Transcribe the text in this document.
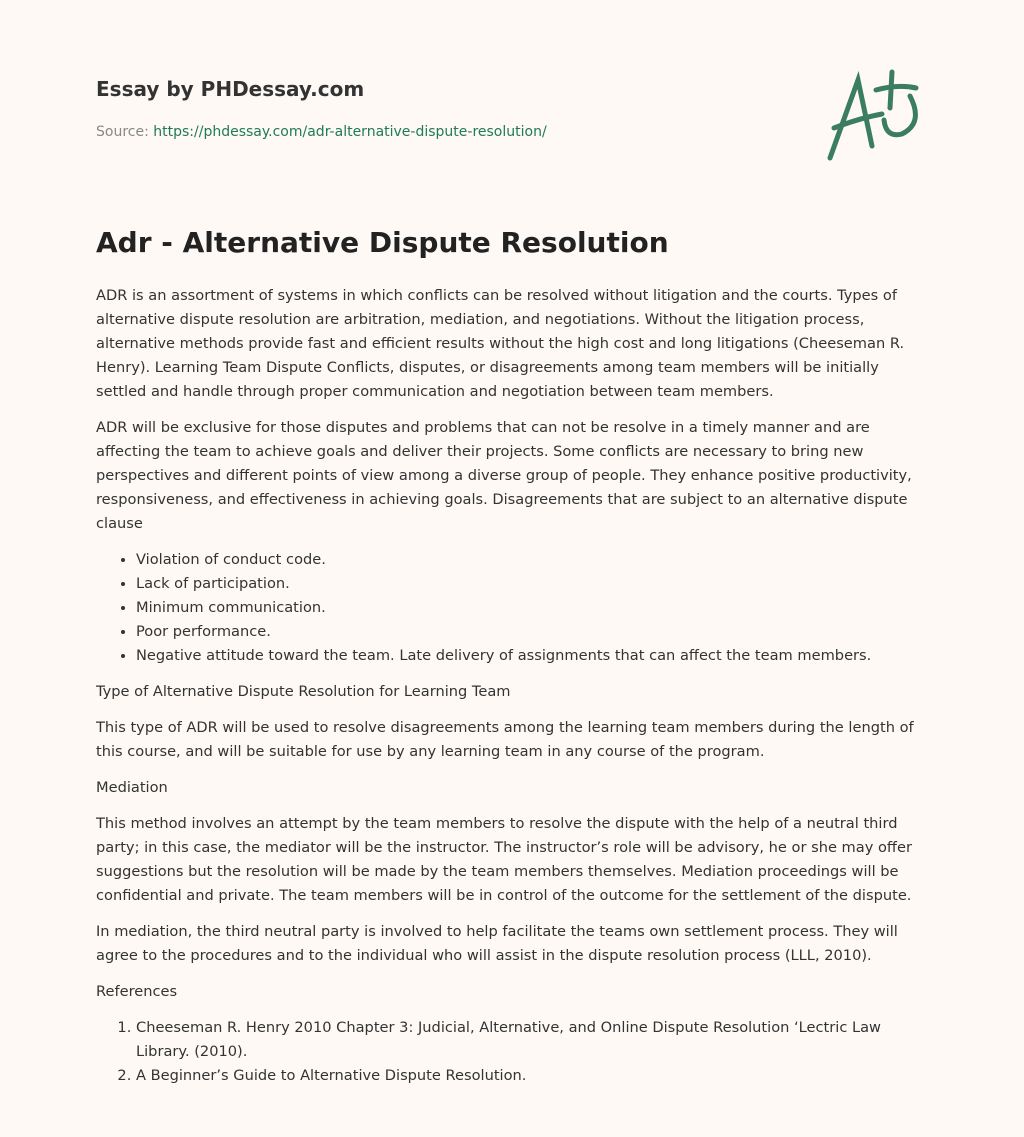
Essay by PHDessay.com
Source: https://phdessay.com/adr-alternative-dispute-resolution/
Adr - Alternative Dispute Resolution

ADR is an assortment of systems in which conflicts can be resolved without litigation and the courts. Types of alternative dispute resolution are arbitration, mediation, and negotiations. Without the litigation process, alternative methods provide fast and efficient results without the high cost and long litigations (Cheeseman R. Henry). Learning Team Dispute Conflicts, disputes, or disagreements among team members will be initially settled and handle through proper communication and negotiation between team members.

ADR will be exclusive for those disputes and problems that can not be resolve in a timely manner and are affecting the team to achieve goals and deliver their projects. Some conflicts are necessary to bring new perspectives and different points of view among a diverse group of people. They enhance positive productivity, responsiveness, and effectiveness in achieving goals. Disagreements that are subject to an alternative dispute clause

• Violation of conduct code.
• Lack of participation.
• Minimum communication.
• Poor performance.
• Negative attitude toward the team. Late delivery of assignments that can affect the team members.

Type of Alternative Dispute Resolution for Learning Team

This type of ADR will be used to resolve disagreements among the learning team members during the length of this course, and will be suitable for use by any learning team in any course of the program.

Mediation

This method involves an attempt by the team members to resolve the dispute with the help of a neutral third party; in this case, the mediator will be the instructor. The instructor’s role will be advisory, he or she may offer suggestions but the resolution will be made by the team members themselves. Mediation proceedings will be confidential and private. The team members will be in control of the outcome for the settlement of the dispute.

In mediation, the third neutral party is involved to help facilitate the teams own settlement process. They will agree to the procedures and to the individual who will assist in the dispute resolution process (LLL, 2010).

References

1. Cheeseman R. Henry 2010 Chapter 3: Judicial, Alternative, and Online Dispute Resolution ‘Lectric Law Library. (2010).
2. A Beginner’s Guide to Alternative Dispute Resolution.
